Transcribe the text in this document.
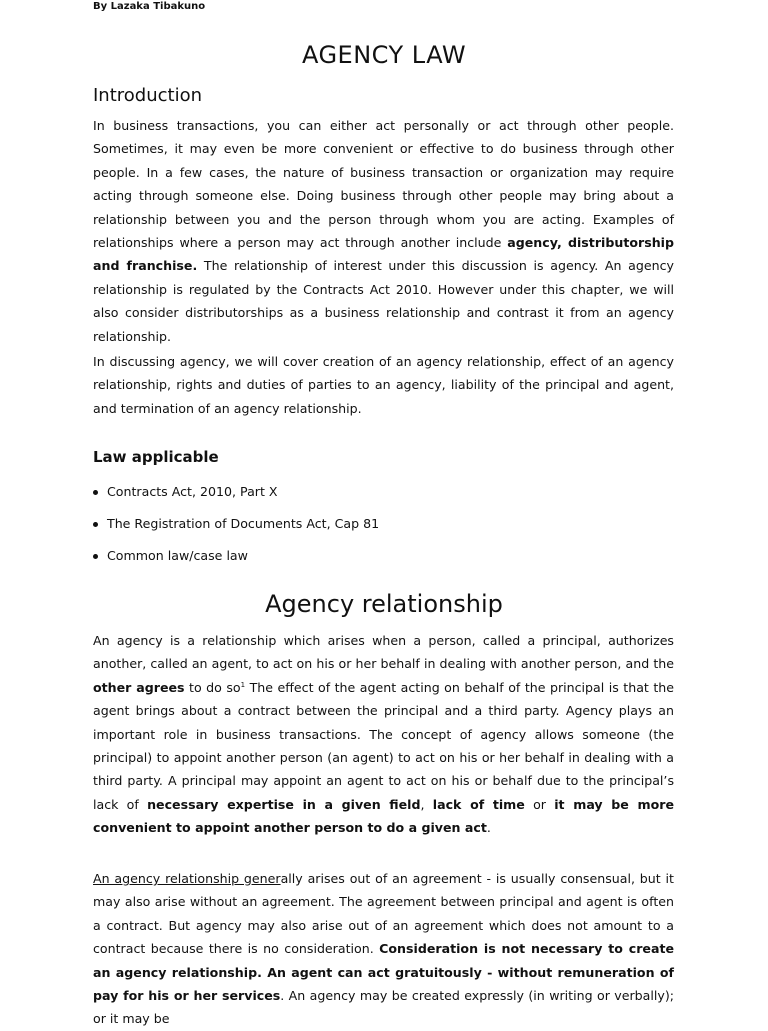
By Lazaka Tibakuno
AGENCY LAW
Introduction

In business transactions, you can either act personally or act through other people. Sometimes, it may even be more convenient or effective to do business through other people. In a few cases, the nature of business transaction or organization may require acting through someone else. Doing business through other people may bring about a relationship between you and the person through whom you are acting. Examples of relationships where a person may act through another include agency, distributorship and franchise. The relationship of interest under this discussion is agency. An agency relationship is regulated by the Contracts Act 2010. However under this chapter, we will also consider distributorships as a business relationship and contrast it from an agency relationship.

In discussing agency, we will cover creation of an agency relationship, effect of an agency relationship, rights and duties of parties to an agency, liability of the principal and agent, and termination of an agency relationship.

Law applicable
Contracts Act, 2010, Part X
The Registration of Documents Act, Cap 81
Common law/case law
Agency relationship

An agency is a relationship which arises when a person, called a principal, authorizes another, called an agent, to act on his or her behalf in dealing with another person, and the other agrees to do $so^1$ The effect of the agent acting on behalf of the principal is that the agent brings about a contract between the principal and a third party. Agency plays an important role in business transactions. The concept of agency allows someone (the principal) to appoint another person (an agent) to act on his or her behalf in dealing with a third party. A principal may appoint an agent to act on his or behalf due to the principal’s lack of necessary expertise in a given field, lack of time or it may be more convenient to appoint another person to do a given act.

An agency relationship generally arises out of an agreement - is usually consensual, but it may also arise without an agreement. The agreement between principal and agent is often a contract. But agency may also arise out of an agreement which does not amount to a contract because there is no consideration. Consideration is not necessary to create an agency relationship. An agent can act gratuitously - without remuneration of pay for his or her services. An agency may be created expressly (in writing or verbally); or it may be
